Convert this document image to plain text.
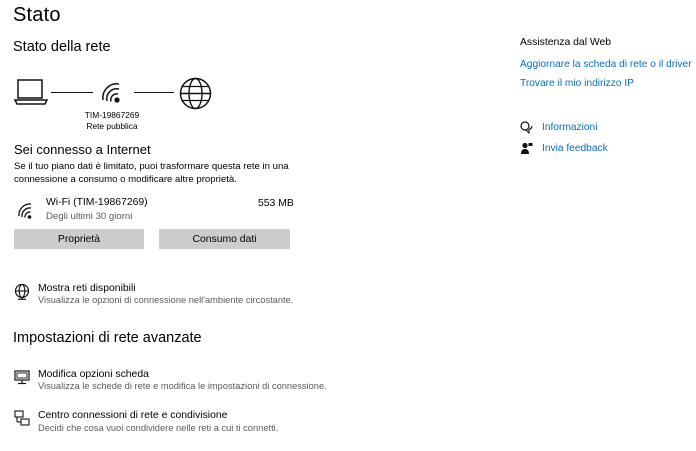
Stato
Stato della rete
TIM-19867269
Rete pubblica
Sei connesso a Internet
Se il tuo piano dati è limitato, puoi trasformare questa rete in una
connessione a consumo o modificare altre proprietà.
Wi-Fi (TIM-19867269)
Degli ultimi 30 giorni
553 MB
Proprietà	Consumo dati
Mostra reti disponibili
Visualizza le opzioni di connessione nell'ambiente circostante.
Impostazioni di rete avanzate
Modifica opzioni scheda
Visualizza le schede di rete e modifica le impostazioni di connessione.
Centro connessioni di rete e condivisione
Decidi che cosa vuoi condividere nelle reti a cui ti connetti.
Assistenza dal Web
Aggiornare la scheda di rete o il driver
Trovare il mio indirizzo IP
Informazioni
Invia feedback
